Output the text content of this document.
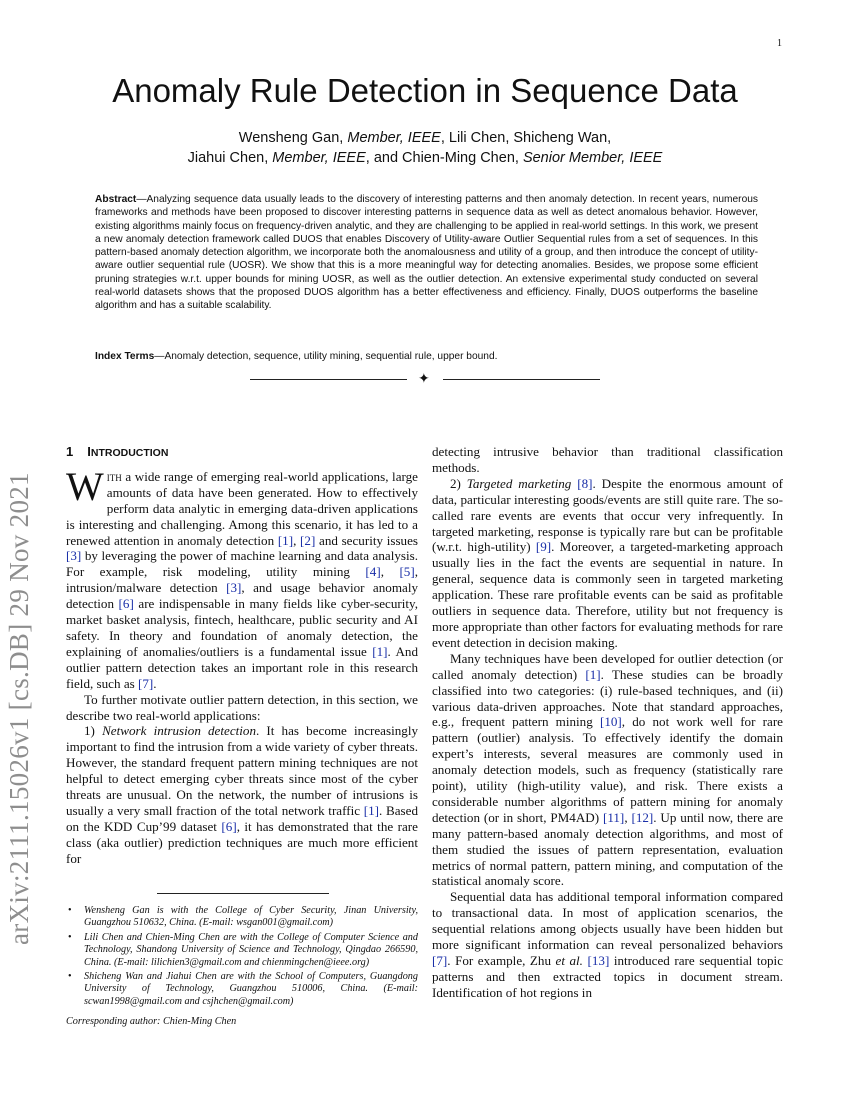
1
arXiv:2111.15026v1 [cs.DB] 29 Nov 2021
Anomaly Rule Detection in Sequence Data
Wensheng Gan, Member, IEEE, Lili Chen, Shicheng Wan,
Jiahui Chen, Member, IEEE, and Chien-Ming Chen, Senior Member, IEEE
Abstract—Analyzing sequence data usually leads to the discovery of interesting patterns and then anomaly detection. In recent years, numerous frameworks and methods have been proposed to discover interesting patterns in sequence data as well as detect anomalous behavior. However, existing algorithms mainly focus on frequency-driven analytic, and they are challenging to be applied in real-world settings. In this work, we present a new anomaly detection framework called DUOS that enables Discovery of Utility-aware Outlier Sequential rules from a set of sequences. In this pattern-based anomaly detection algorithm, we incorporate both the anomalousness and utility of a group, and then introduce the concept of utility-aware outlier sequential rule (UOSR). We show that this is a more meaningful way for detecting anomalies. Besides, we propose some efficient pruning strategies w.r.t. upper bounds for mining UOSR, as well as the outlier detection. An extensive experimental study conducted on several real-world datasets shows that the proposed DUOS algorithm has a better effectiveness and efficiency. Finally, DUOS outperforms the baseline algorithm and has a suitable scalability.
Index Terms—Anomaly detection, sequence, utility mining, sequential rule, upper bound.
✦

1 INTRODUCTION

With a wide range of emerging real-world applications, large amounts of data have been generated. How to effectively perform data analytic in emerging data-driven applications is interesting and challenging. Among this scenario, it has led to a renewed attention in anomaly detection [1], [2] and security issues [3] by leveraging the power of machine learning and data analysis. For example, risk modeling, utility mining [4], [5], intrusion/malware detection [3], and usage behavior anomaly detection [6] are indispensable in many fields like cyber-security, market basket analysis, fintech, healthcare, public security and AI safety. In theory and foundation of anomaly detection, the explaining of anomalies/outliers is a fundamental issue [1]. And outlier pattern detection takes an important role in this research field, such as [7].

To further motivate outlier pattern detection, in this section, we describe two real-world applications:

1) Network intrusion detection. It has become increasingly important to find the intrusion from a wide variety of cyber threats. However, the standard frequent pattern mining techniques are not helpful to detect emerging cyber threats since most of the cyber threats are unusual. On the network, the number of intrusions is usually a very small fraction of the total network traffic [1]. Based on the KDD Cup’99 dataset [6], it has demonstrated that the rare class (aka outlier) prediction techniques are much more efficient for

• Wensheng Gan is with the College of Cyber Security, Jinan University, Guangzhou 510632, China. (E-mail: wsgan001@gmail.com)
• Lili Chen and Chien-Ming Chen are with the College of Computer Science and Technology, Shandong University of Science and Technology, Qingdao 266590, China. (E-mail: lilichien3@gmail.com and chienmingchen@ieee.org)
• Shicheng Wan and Jiahui Chen are with the School of Computers, Guangdong University of Technology, Guangzhou 510006, China. (E-mail: scwan1998@gmail.com and csjhchen@gmail.com)
Corresponding author: Chien-Ming Chen

detecting intrusive behavior than traditional classification methods.

2) Targeted marketing [8]. Despite the enormous amount of data, particular interesting goods/events are still quite rare. The so-called rare events are events that occur very infrequently. In targeted marketing, response is typically rare but can be profitable (w.r.t. high-utility) [9]. Moreover, a targeted-marketing approach usually lies in the fact the events are sequential in nature. In general, sequence data is commonly seen in targeted marketing application. These rare profitable events can be said as profitable outliers in sequence data. Therefore, utility but not frequency is more appropriate than other factors for evaluating methods for rare event detection in decision making.

Many techniques have been developed for outlier detection (or called anomaly detection) [1]. These studies can be broadly classified into two categories: (i) rule-based techniques, and (ii) various data-driven approaches. Note that standard approaches, e.g., frequent pattern mining [10], do not work well for rare pattern (outlier) analysis. To effectively identify the domain expert’s interests, several measures are commonly used in anomaly detection models, such as frequency (statistically rare point), utility (high-utility value), and risk. There exists a considerable number algorithms of pattern mining for anomaly detection (or in short, PM4AD) [11], [12]. Up until now, there are many pattern-based anomaly detection algorithms, and most of them studied the issues of pattern representation, evaluation metrics of normal pattern, pattern mining, and computation of the statistical anomaly score.

Sequential data has additional temporal information compared to transactional data. In most of application scenarios, the sequential relations among objects usually have been hidden but more significant information can reveal personalized behaviors [7]. For example, Zhu et al. [13] introduced rare sequential topic patterns and then extracted topics in document stream. Identification of hot regions in
